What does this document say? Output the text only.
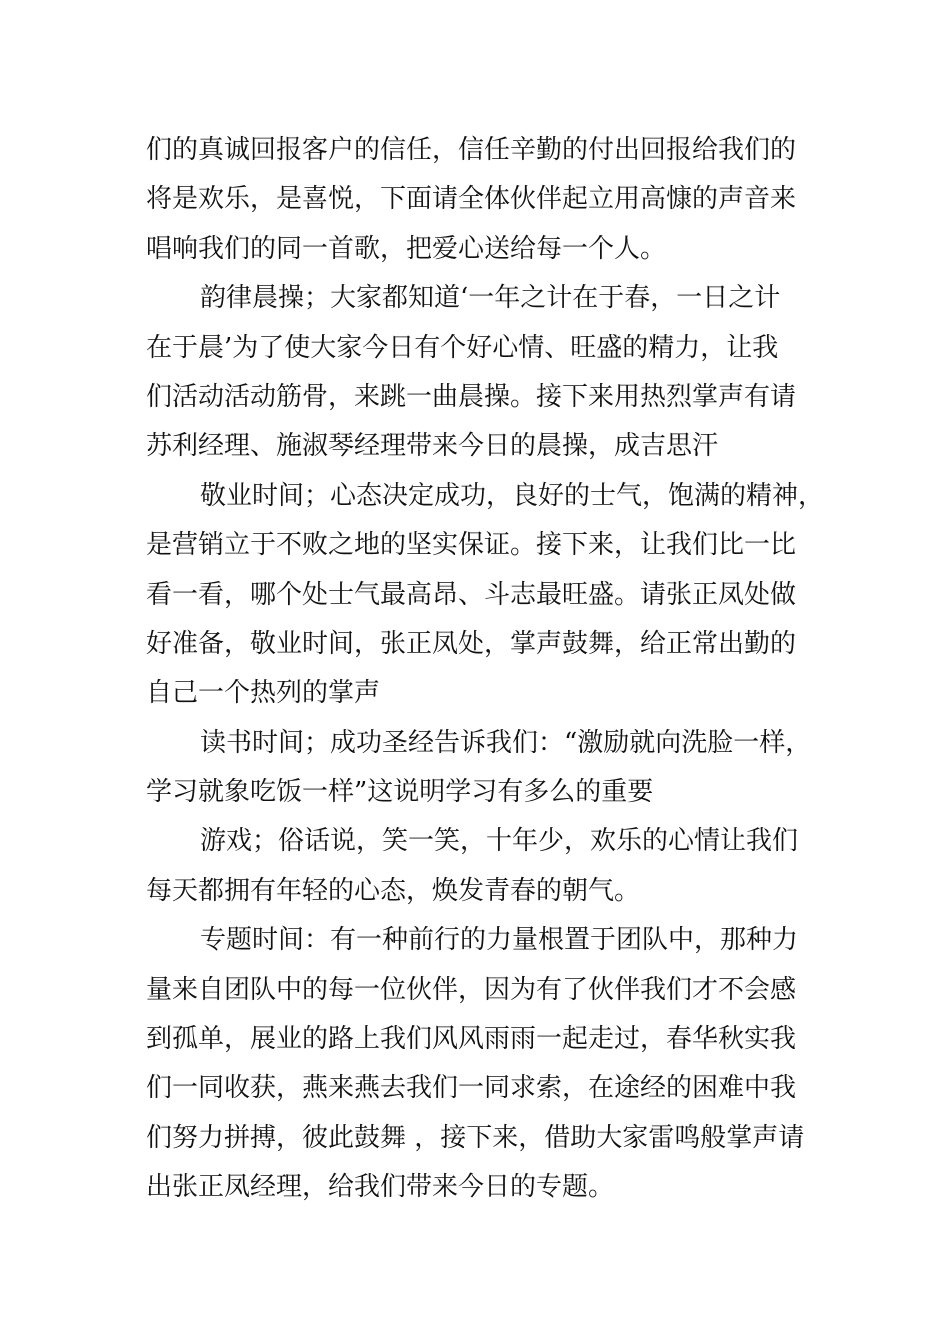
们的真诚回报客户的信任，信任辛勤的付出回报给我们的
将是欢乐，是喜悦，下面请全体伙伴起立用高慷的声音来
唱响我们的同一首歌，把爱心送给每一个人。
韵律晨操；大家都知道‘一年之计在于春，一日之计
在于晨’为了使大家今日有个好心情、旺盛的精力，让我
们活动活动筋骨，来跳一曲晨操。接下来用热烈掌声有请
苏利经理、施淑琴经理带来今日的晨操，成吉思汗
敬业时间；心态决定成功，良好的士气，饱满的精神，
是营销立于不败之地的坚实保证。接下来，让我们比一比
看一看，哪个处士气最高昂、斗志最旺盛。请张正凤处做
好准备，敬业时间，张正凤处，掌声鼓舞，给正常出勤的
自己一个热列的掌声
读书时间；成功圣经告诉我们：“激励就向洗脸一样，
学习就象吃饭一样”这说明学习有多么的重要
游戏；俗话说，笑一笑，十年少，欢乐的心情让我们
每天都拥有年轻的心态，焕发青春的朝气。
专题时间：有一种前行的力量根置于团队中，那种力
量来自团队中的每一位伙伴，因为有了伙伴我们才不会感
到孤单，展业的路上我们风风雨雨一起走过，春华秋实我
们一同收获，燕来燕去我们一同求索，在途经的困难中我
们努力拼搏，彼此鼓舞 ，接下来，借助大家雷鸣般掌声请
出张正凤经理，给我们带来今日的专题。
